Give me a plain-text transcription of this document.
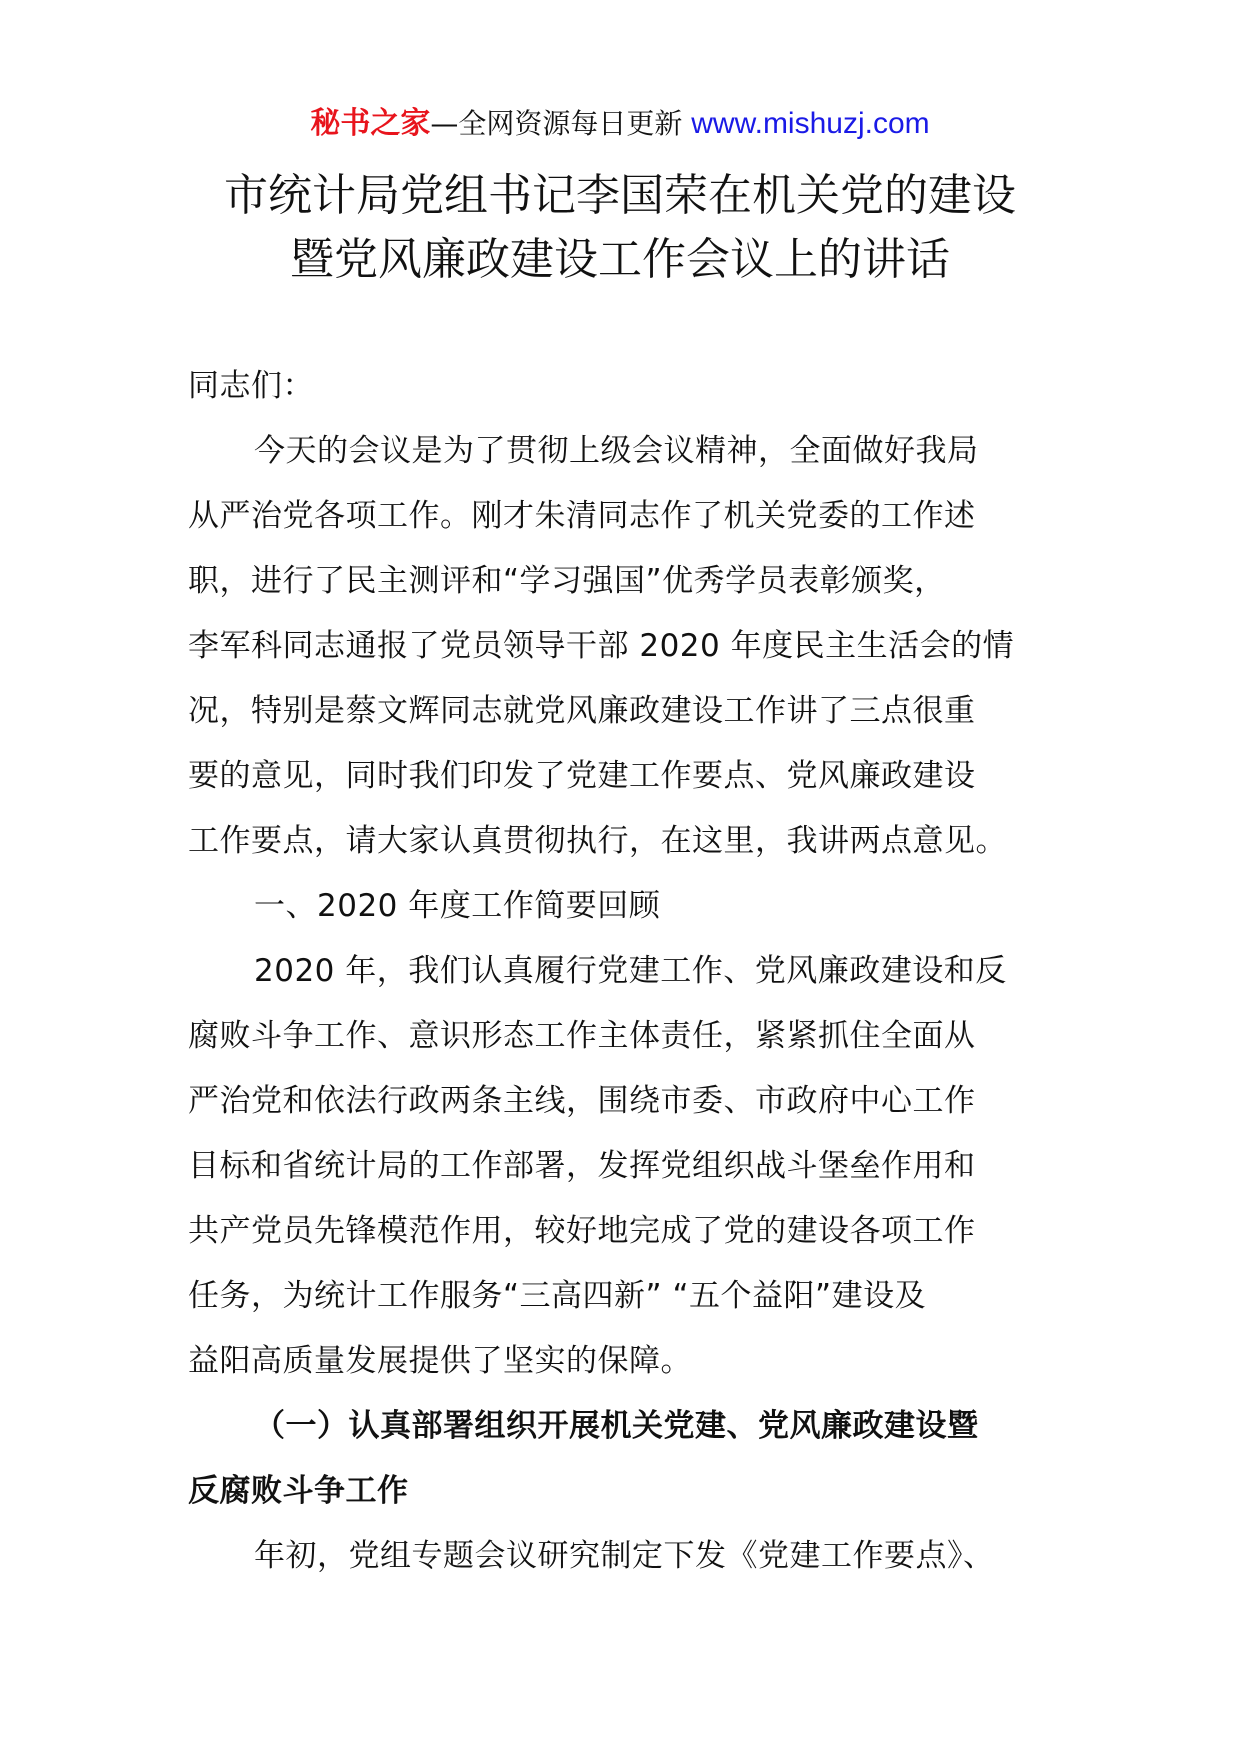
秘书之家—全网资源每日更新 www.mishuzj.com
市统计局党组书记李国荣在机关党的建设
暨党风廉政建设工作会议上的讲话

同志们：

今天的会议是为了贯彻上级会议精神，全面做好我局

从严治党各项工作。刚才朱清同志作了机关党委的工作述

职，进行了民主测评和“学习强国”优秀学员表彰颁奖，

李军科同志通报了党员领导干部 2020 年度民主生活会的情

况，特别是蔡文辉同志就党风廉政建设工作讲了三点很重

要的意见，同时我们印发了党建工作要点、党风廉政建设

工作要点，请大家认真贯彻执行，在这里，我讲两点意见。

一、2020 年度工作简要回顾

2020 年，我们认真履行党建工作、党风廉政建设和反

腐败斗争工作、意识形态工作主体责任，紧紧抓住全面从

严治党和依法行政两条主线，围绕市委、市政府中心工作

目标和省统计局的工作部署，发挥党组织战斗堡垒作用和

共产党员先锋模范作用，较好地完成了党的建设各项工作

任务，为统计工作服务“三高四新” “五个益阳”建设及

益阳高质量发展提供了坚实的保障。

（一）认真部署组织开展机关党建、党风廉政建设暨

反腐败斗争工作

年初，党组专题会议研究制定下发《党建工作要点》、
